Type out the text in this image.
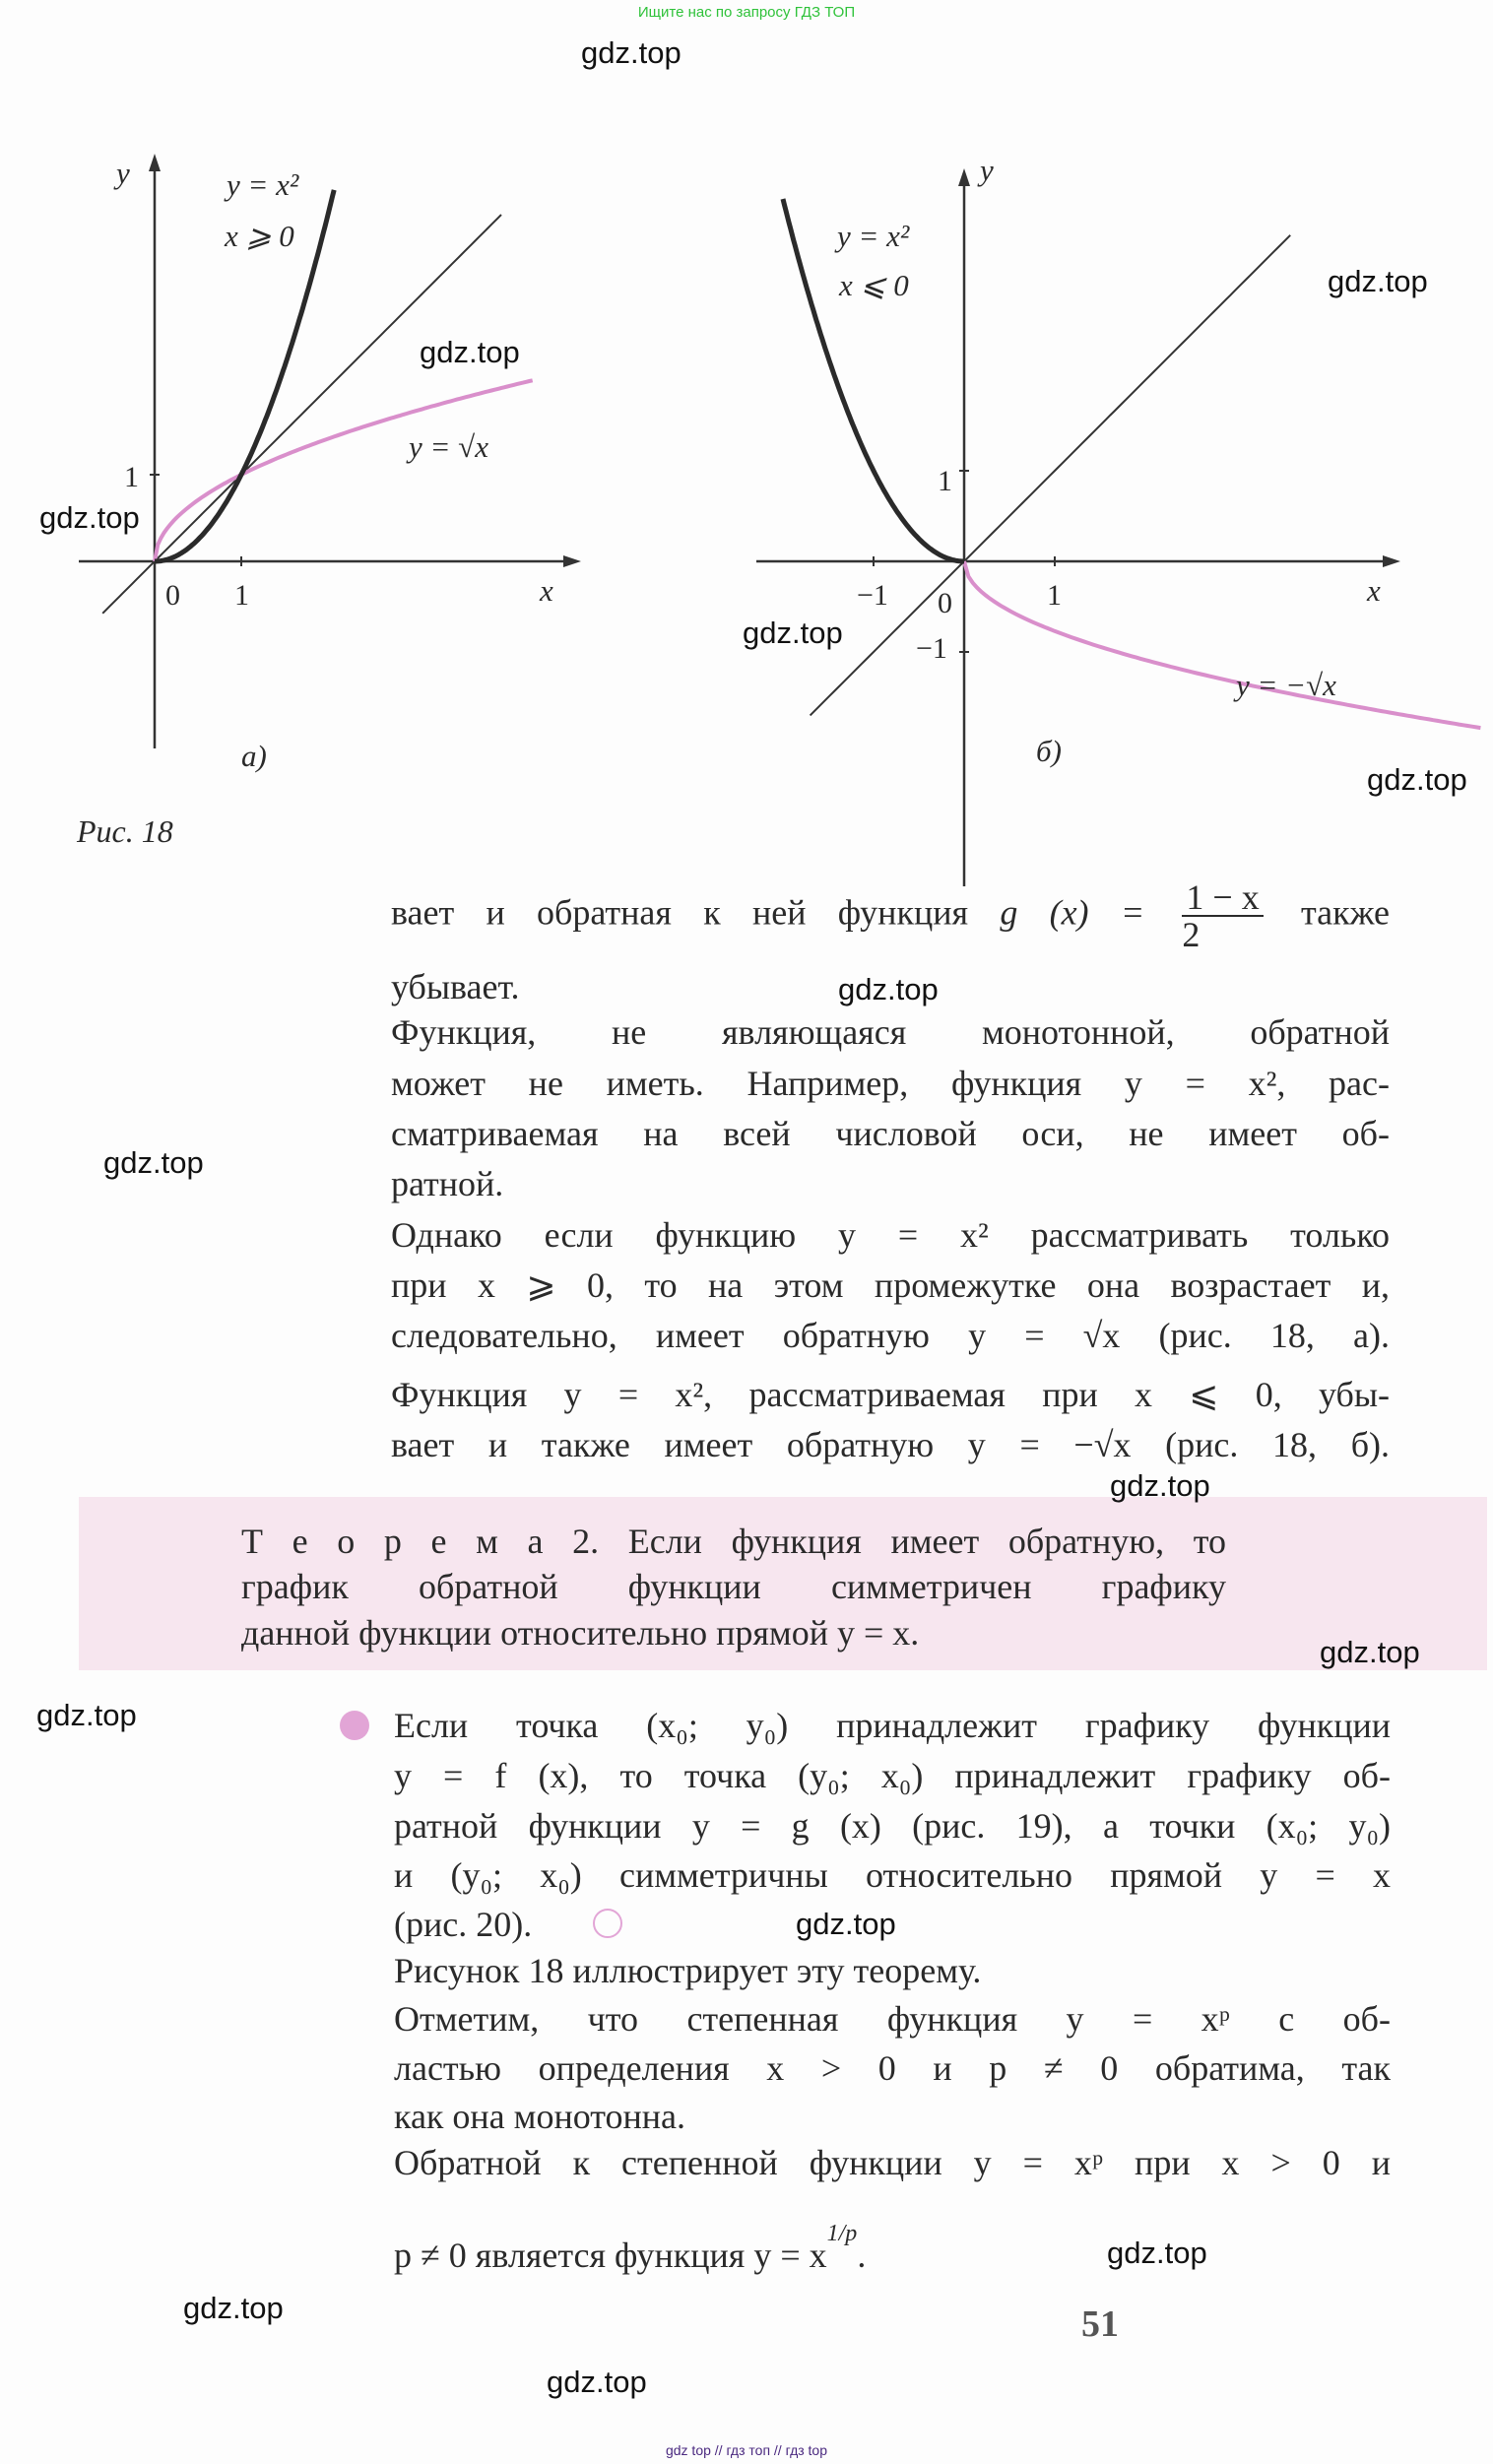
Ищите нас по запросу ГДЗ ТОП
y
x
0 1
1
y = x²
x ⩾ 0
y = √x
а)
y
x
0	1
1
−1
−1
y = x²
x ⩽ 0
y = −√x
б)
Рис. 18
вает и обратная к ней функция g $(x) = \frac{1 - x}{2}$ также
убывает.
Функция, не являющаяся монотонной, обратной
может не иметь. Например, функция y = x², рас-
сматриваемая на всей числовой оси, не имеет об-
ратной.
Однако если функцию y = x² рассматривать только
при x ⩾ 0, то на этом промежутке она возрастает и,
следовательно, имеет обратную y = √x (рис. 18, а).
Функция y = x², рассматриваемая при x ⩽ 0, убы-
вает и также имеет обратную y = −√x (рис. 18, б).
Т е о р е м а 2. Если функция имеет обратную, то
график обратной функции симметричен графику
данной функции относительно прямой y = x.
Если точка (x₀; y₀) принадлежит графику функции
y = f (x), то точка (y₀; x₀) принадлежит графику об-
ратной функции y = g (x) (рис. 19), а точки (x₀; y₀)
и (y₀; x₀) симметричны относительно прямой y = x
(рис. 20).
Рисунок 18 иллюстрирует эту теорему.
Отметим, что степенная функция y = xᵖ с об-
ластью определения x > 0 и p ≠ 0 обратима, так
как она монотонна.
Обратной к степенной функции y = xᵖ при x > 0 и
p ≠ 0 является функция $y = x^{1/p}$.
51
gdz.top
gdz.top
gdz.top
gdz.top
gdz.top
gdz.top
gdz.top
gdz.top
gdz.top
gdz.top
gdz.top
gdz.top
gdz.top
gdz.top
gdz.top
gdz top // гдз топ // гдз top
